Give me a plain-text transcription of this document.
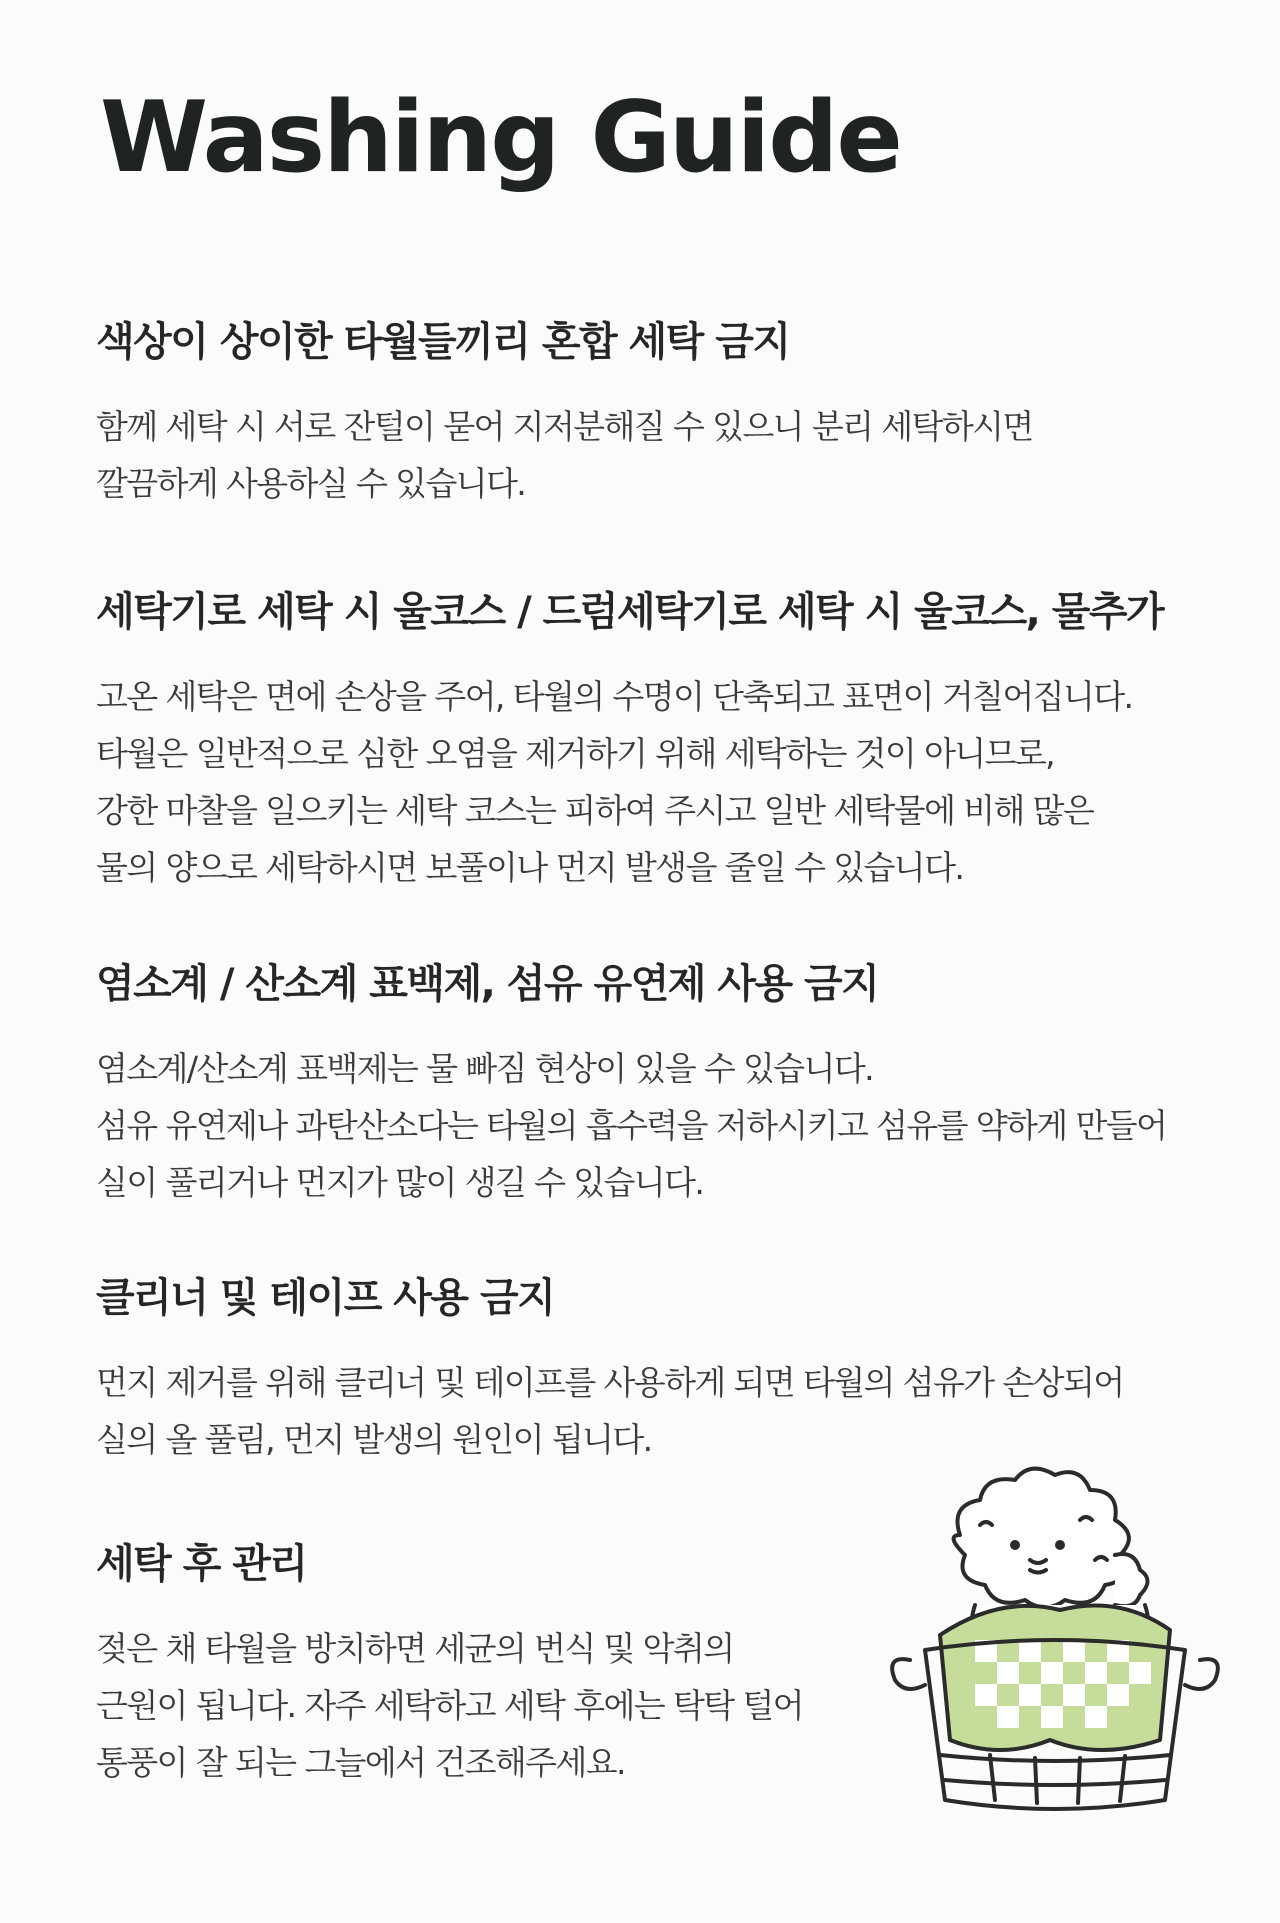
Washing Guide
색상이 상이한 타월들끼리 혼합 세탁 금지
함께 세탁 시 서로 잔털이 묻어 지저분해질 수 있으니 분리 세탁하시면
깔끔하게 사용하실 수 있습니다.
세탁기로 세탁 시 울코스 / 드럼세탁기로 세탁 시 울코스, 물추가
고온 세탁은 면에 손상을 주어, 타월의 수명이 단축되고 표면이 거칠어집니다.
타월은 일반적으로 심한 오염을 제거하기 위해 세탁하는 것이 아니므로,
강한 마찰을 일으키는 세탁 코스는 피하여 주시고 일반 세탁물에 비해 많은
물의 양으로 세탁하시면 보풀이나 먼지 발생을 줄일 수 있습니다.
염소계 / 산소계 표백제, 섬유 유연제 사용 금지
염소계/산소계 표백제는 물 빠짐 현상이 있을 수 있습니다.
섬유 유연제나 과탄산소다는 타월의 흡수력을 저하시키고 섬유를 약하게 만들어
실이 풀리거나 먼지가 많이 생길 수 있습니다.
클리너 및 테이프 사용 금지
먼지 제거를 위해 클리너 및 테이프를 사용하게 되면 타월의 섬유가 손상되어
실의 올 풀림, 먼지 발생의 원인이 됩니다.
세탁 후 관리
젖은 채 타월을 방치하면 세균의 번식 및 악취의
근원이 됩니다. 자주 세탁하고 세탁 후에는 탁탁 털어
통풍이 잘 되는 그늘에서 건조해주세요.
